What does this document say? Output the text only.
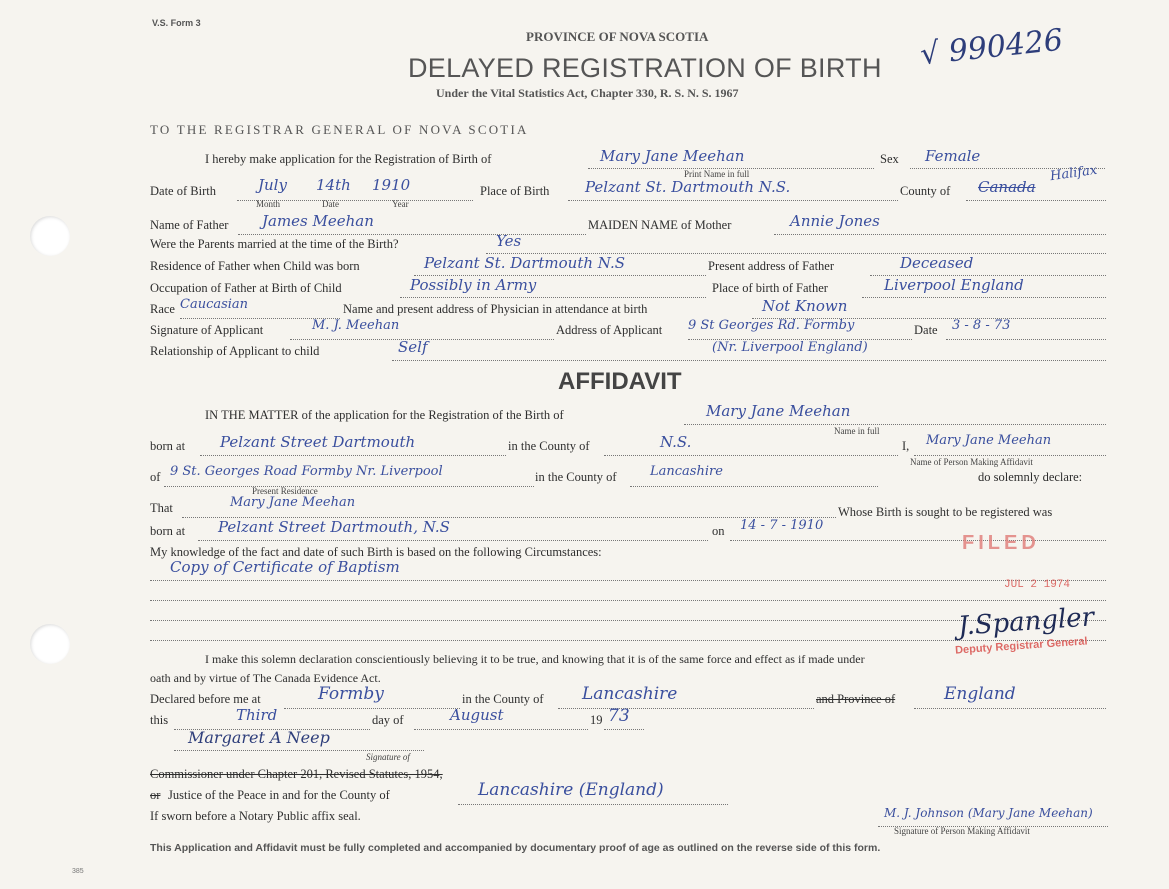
V.S. Form 3
PROVINCE OF NOVA SCOTIA
DELAYED REGISTRATION OF BIRTH
Under the Vital Statistics Act, Chapter 330, R. S. N. S. 1967
√ 990426
TO THE REGISTRAR GENERAL OF NOVA SCOTIA
I hereby make application for the Registration of Birth of	Mary Jane Meehan
Print Name in full
Sex Female
Date of Birth	July 14th 1910
Month	Date	Year
Place of Birth Pelzant St. Dartmouth N.S.	County of Canada
Halifax
Name of Father James Meehan	MAIDEN NAME of Mother	Annie Jones
Were the Parents married at the time of the Birth?	Yes
Residence of Father when Child was born	Pelzant St. Dartmouth N.S	Present address of Father	Deceased
Occupation of Father at Birth of Child	Possibly in Army	Place of birth of Father	Liverpool England
Race Caucasian	Name and present address of Physician in attendance at birth	Not Known
Signature of Applicant	M. J. Meehan	Address of Applicant 9 St Georges Rd. Formby	Date 3 - 8 - 73
Relationship of Applicant to child	Self	(Nr. Liverpool England)
AFFIDAVIT
IN THE MATTER of the application for the Registration of the Birth of	Mary Jane Meehan
Name in full
born at Pelzant Street Dartmouth	in the County of	N.S.	I, Mary Jane Meehan
Name of Person Making Affidavit
of 9 St. Georges Road Formby Nr. Liverpool
Present Residence
in the County of	Lancashire	do solemnly declare:
That	Mary Jane Meehan
Whose Birth is sought to be registered was
born at Pelzant Street Dartmouth, N.S	on 14 - 7 - 1910
My knowledge of the fact and date of such Birth is based on the following Circumstances:
Copy of Certificate of Baptism
FILED
JUL 2 1974
J.Spangler
Deputy Registrar General
I make this solemn declaration conscientiously believing it to be true, and knowing that it is of the same force and effect as if made under
oath and by virtue of The Canada Evidence Act.
Declared before me at	Formby	in the County of Lancashire	and Province of	England
this	Third	day of	August	19 73
Margaret A Neep
Signature of
Commissioner under Chapter 201, Revised Statutes, 1954,
or Justice of the Peace in and for the County of	Lancashire (England)
If sworn before a Notary Public affix seal.	M. J. Johnson (Mary Jane Meehan)
Signature of Person Making Affidavit
This Application and Affidavit must be fully completed and accompanied by documentary proof of age as outlined on the reverse side of this form.
385
